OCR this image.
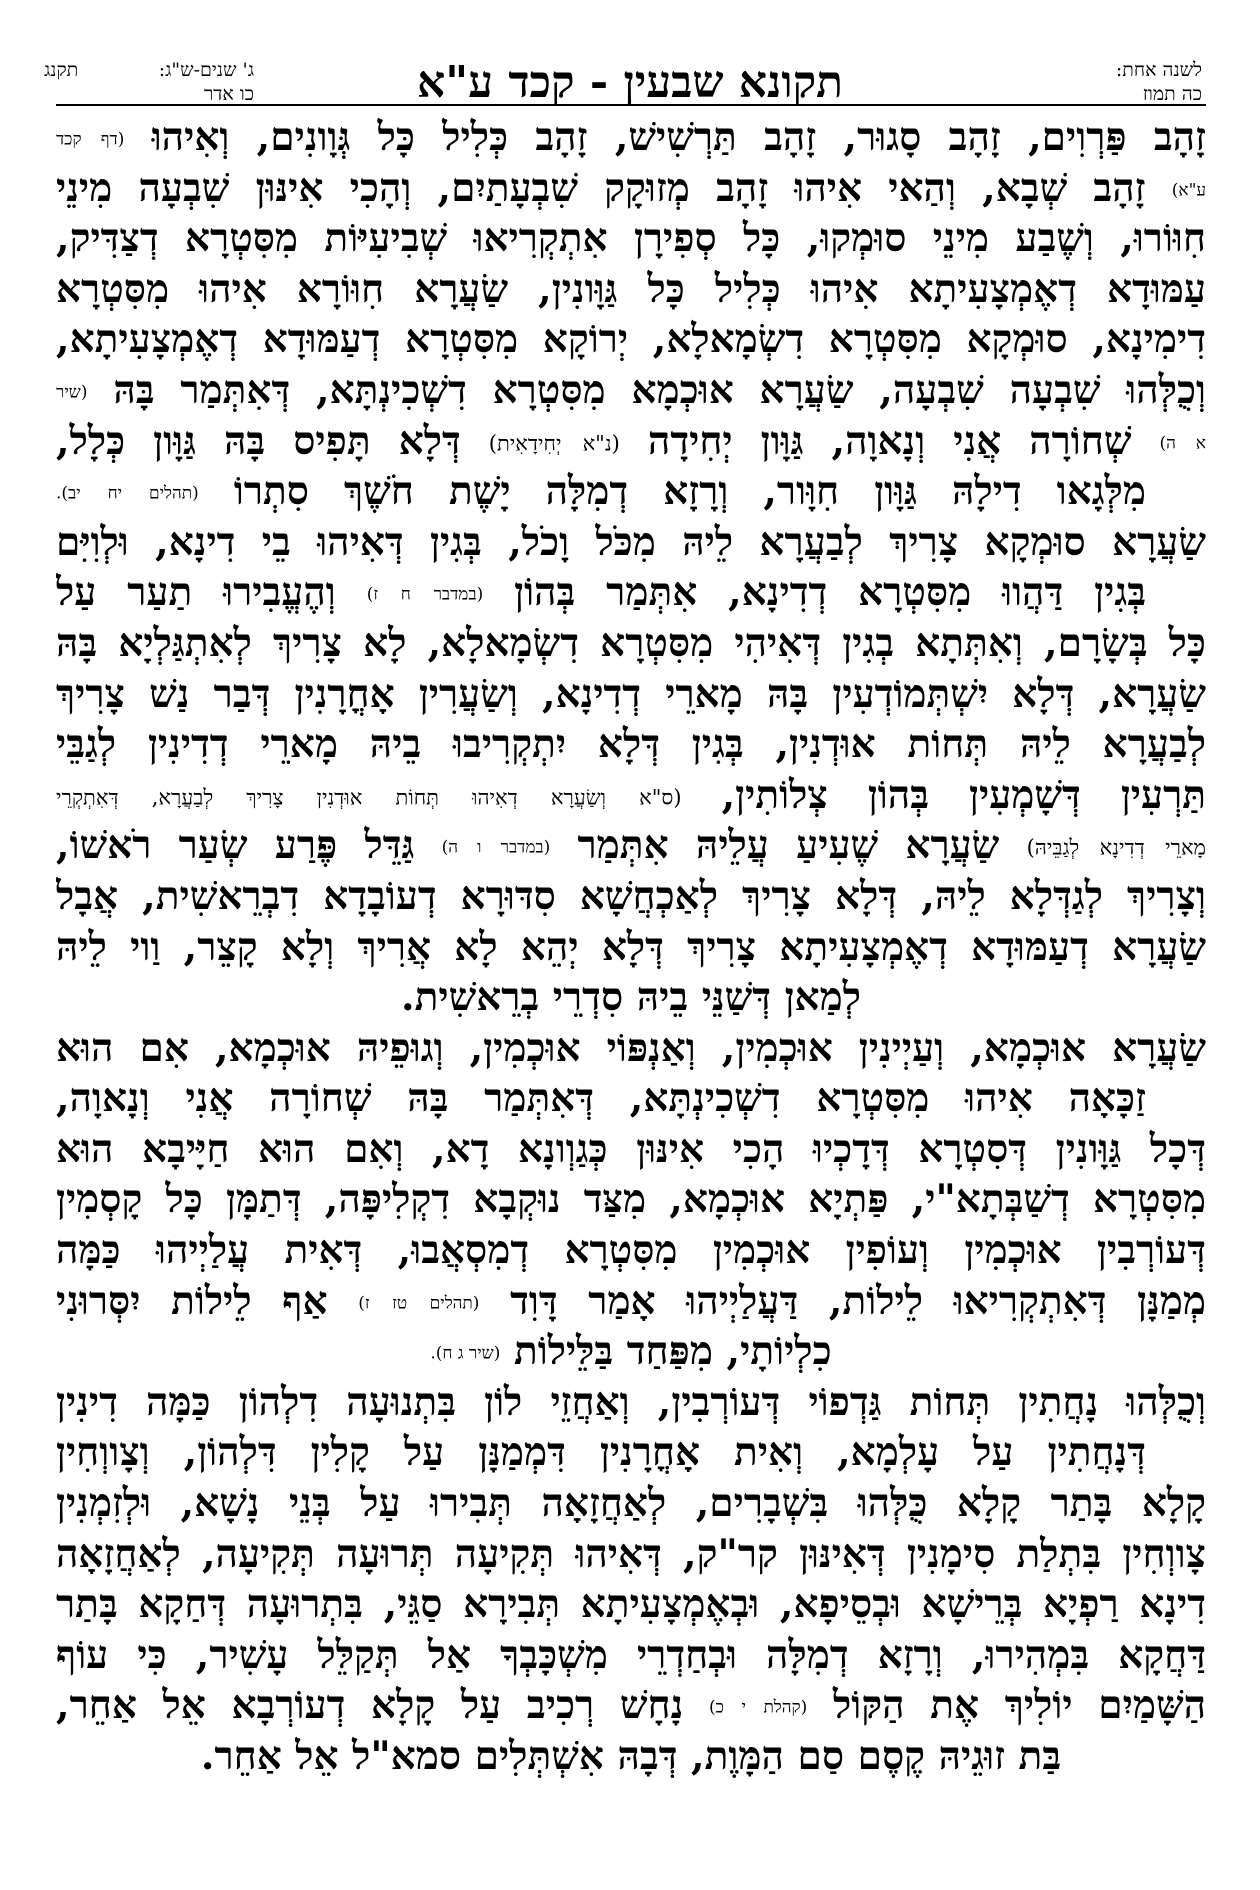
לשנה אחת:
כה תמוז
תקונא שבעין - קכד ע"א
תקנג	ג' שנים-ש"ג:
כו אדר
זָהָב פַּרְוִים, זָהָב סָגוּר, זָהָב תַּרְשִׁישׁ, זָהָב כְּלִיל כָּל גְּוָונִים, וְאִיהוּ (דף קכד
ע"א) זָהָב שְׁבָא, וְהַאי אִיהוּ זָהָב מְזוּקָק שִׁבְעָתַיִם, וְהָכִי אִינּוּן שִׁבְעָה מִינֵי
חִוּוֹרוּ, וְשֶׁבַע מִינֵי סוּמְקוּ, כָּל סְפִירָן אִתְקְרִיאוּ שְׁבִיעִיּוֹת מִסִּטְרָא דְצַדִּיק,
עַמּוּדָא דְאֶמְצָעִיתָא אִיהוּ כְּלִיל כָּל גַּוָּונִין, שַׂעֲרָא חִוּוֹרָא אִיהוּ מִסִּטְרָא
דִימִינָא, סוּמְקָא מִסִּטְרָא דִשְׂמָאלָא, יְרוֹקָא מִסִּטְרָא דְעַמּוּדָא דְאֶמְצָעִיתָא,
וְכֻלְּהוּ שִׁבְעָה שִׁבְעָה, שַׂעֲרָא אוּכְמָא מִסִּטְרָא דִשְׁכִינְתָּא, דְּאִתְּמַר בָּהּ (שיר
א ה) שְׁחוֹרָה אֲנִי וְנָאוָה, גַּוָּון יְחִידָה (נ"א יְחִידָאִית) דְּלָא תָּפִיס בָּהּ גַּוָּון כְּלָל,
מִלְּגָאו דִילָהּ גַּוָּון חִוָּור, וְרָזָא דְמִלָּה יָשֶׁת חֹשֶׁךְ סִתְרוֹ (תהלים יח יב).
שַׂעֲרָא סוּמְקָא צָרִיךְ לְבַעֲרָא לֵיהּ מִכֹּל וָכֹל, בְּגִין דְּאִיהוּ בֵי דִינָא, וּלְוִיִּם
בְּגִין דַּהֲווּ מִסִּטְרָא דְדִינָא, אִתְּמַר בְּהוֹן (במדבר ח ז) וְהֶעֱבִירוּ תַעַר עַל
כָּל בְּשָׂרָם, וְאִתְּתָא בְגִין דְּאִיהִי מִסִּטְרָא דִשְׂמָאלָא, לָא צָרִיךְ לְאִתְגַּלְיָא בָּהּ
שַׂעֲרָא, דְּלָא יִשְׁתְּמוֹדְעִין בָּהּ מָארֵי דְדִינָא, וְשַׂעֲרִין אָחֳרָנִין דְּבַר נַשׁ צָרִיךְ
לְבַעֲרָא לֵיהּ תְּחוֹת אוּדְנִין, בְּגִין דְּלָא יִתְקְרִיבוּ בֵיהּ מָארֵי דְדִינִין לְגַבֵּי
תַּרְעִין דְּשָׁמְעִין בְּהוֹן צְלוֹתִין, (ס"א וְשַׂעֲרָא דְאִיהוּ תְּחוֹת אוּדְנִין צָרִיךְ לְבַעֲרָא, דְּאִתְקְרֵי
מָארֵי דְדִינָא לְגַבֵּיהּ) שַׂעֲרָא שֶׁעִיעַ עֲלֵיהּ אִתְּמַר (במדבר ו ה) גַּדֵּל פֶּרַע שְׂעַר רֹאשׁוֹ,
וְצָרִיךְ לְגַדְּלָא לֵיהּ, דְּלָא צָרִיךְ לְאַכְחֲשָׁא סִדּוּרָא דְעוֹבָדָא דִבְרֵאשִׁית, אֲבָל
שַׂעֲרָא דְעַמּוּדָא דְאֶמְצָעִיתָא צָרִיךְ דְּלָא יְהֵא לָא אֲרִיךְ וְלָא קָצֵר, וַוי לֵיהּ
לְמַאן דְּשַׁנֵּי בֵיהּ סִדְרֵי בְרֵאשִׁית.
שַׂעֲרָא אוּכְמָא, וְעַיְינִין אוּכְמִין, וְאַנְפּוֹי אוּכְמִין, וְגוּפֵיהּ אוּכְמָא, אִם הוּא
זַכָּאָה אִיהוּ מִסִּטְרָא דִשְׁכִינְתָּא, דְּאִתְּמַר בָּהּ שְׁחוֹרָה אֲנִי וְנָאוָה,
דְּכָל גַּוָּונִין דְּסִטְרָא דְּדָכְיוּ הָכִי אִינּוּן כְּגַוְונָא דָא, וְאִם הוּא חַיָּיבָא הוּא
מִסִּטְרָא דְשַׁבְּתָא"י, פַּתְיָא אוּכְמָא, מִצַּד נוּקְבָא דִקְלִיפָּה, דְּתַמָּן כָּל קָסְמִין
דְּעוֹרְבִין אוּכְמִין וְעוֹפִין אוּכְמִין מִסִּטְרָא דְמִסְאֲבוּ, דְּאִית עֲלַיְיהוּ כַּמָּה
מְמַנָּן דְּאִתְקְרִיאוּ לֵילוֹת, דַּעֲלַיְיהוּ אָמַר דָּוִד (תהלים טז ז) אַף לֵילוֹת יִסְּרוּנִי
כִלְיוֹתָי, מִפַּחַד בַּלֵּילוֹת (שיר ג ח).
וְכֻלְּהוּ נָחֲתִין תְּחוֹת גַּדְפוֹי דְּעוֹרְבִין, וְאַחֲזֵי לוֹן בִּתְנוּעָה דִלְהוֹן כַּמָּה דִינִין
דְּנָחֲתִין עַל עָלְמָא, וְאִית אָחֳרָנִין דִּמְמַנָּן עַל קָלִין דִּלְהוֹן, וְצָווְחִין
קָלָא בָּתַר קָלָא כֻּלְּהוּ בִּשְׁבָרִים, לְאַחֲזָאָה תְּבִירוּ עַל בְּנֵי נָשָׁא, וּלְזִמְנִין
צָווְחִין בִּתְלַת סִימָנִין דְּאִינּוּן קר"ק, דְּאִיהוּ תְּקִיעָה תְּרוּעָה תְּקִיעָה, לְאַחֲזָאָה
דִינָא רַפְיָא בְּרֵישָׁא וּבְסֵיפָא, וּבְאֶמְצָעִיתָא תְּבִירָא סַגֵּי, בִּתְרוּעָה דְּחַקָא בָּתַר
דַּחֲקָא בִּמְהִירוּ, וְרָזָא דְמִלָּה וּבְחַדְרֵי מִשְׁכָּבְךָ אַל תְּקַלֵּל עָשִׁיר, כִּי עוֹף
הַשָּׁמַיִם יוֹלִיךְ אֶת הַקּוֹל (קהלת י כ) נָחָשׁ רְכִיב עַל קָלָא דְעוֹרְבָא אֵל אַחֵר,
בַּת זוּגֵיהּ קֶסֶם סַם הַמָּוֶת, דְּבָהּ אִשְׁתְּלִים סמא"ל אֵל אַחֵר.
